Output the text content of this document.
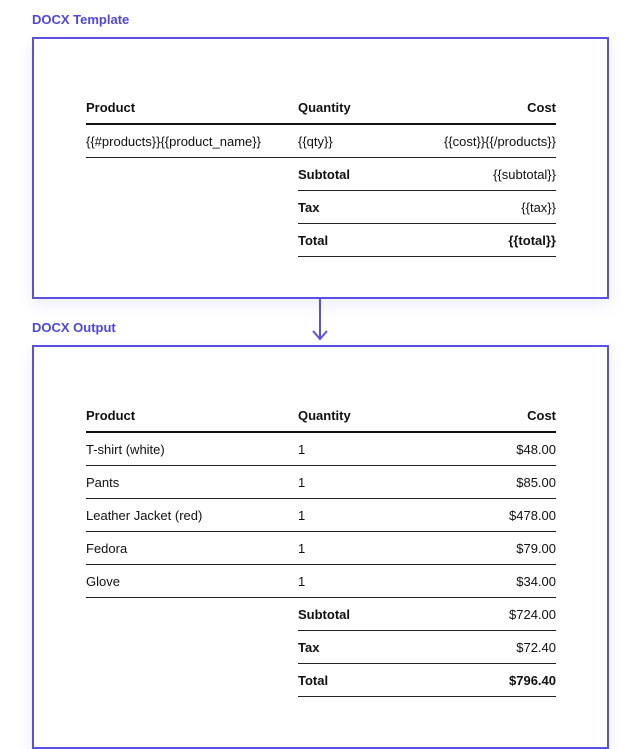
DOCX Template
Product	Quantity	Cost
{{#products}}{{product_name}}	{{qty}}	{{cost}}{{/products}}
	Subtotal	{{subtotal}}
	Tax	{{tax}}
	Total	{{total}}
DOCX Output
Product	Quantity	Cost
T-shirt (white)	1	$48.00
Pants	1	$85.00
Leather Jacket (red)	1	$478.00
Fedora	1	$79.00
Glove	1	$34.00
	Subtotal	$724.00
	Tax	$72.40
	Total	$796.40
